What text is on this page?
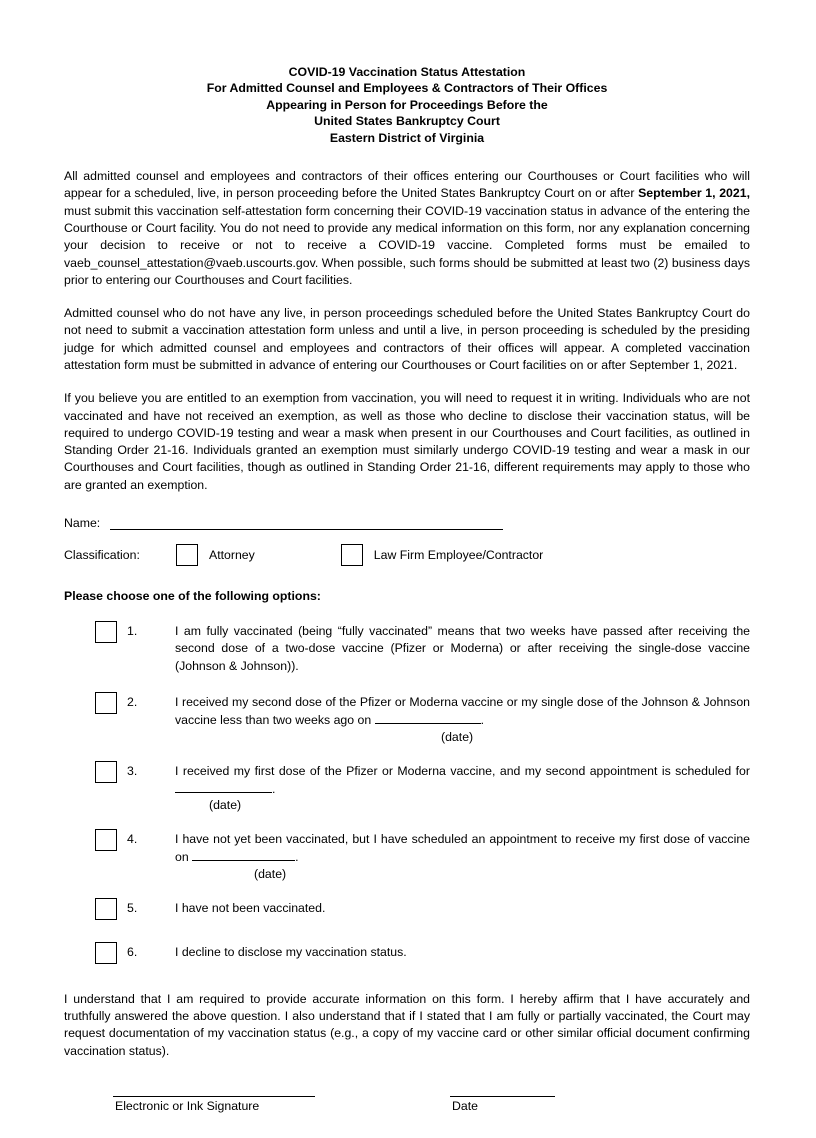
COVID-19 Vaccination Status Attestation
For Admitted Counsel and Employees & Contractors of Their Offices
Appearing in Person for Proceedings Before the
United States Bankruptcy Court
Eastern District of Virginia

All admitted counsel and employees and contractors of their offices entering our Courthouses or Court facilities who will appear for a scheduled, live, in person proceeding before the United States Bankruptcy Court on or after September 1, 2021, must submit this vaccination self-attestation form concerning their COVID-19 vaccination status in advance of the entering the Courthouse or Court facility. You do not need to provide any medical information on this form, nor any explanation concerning your decision to receive or not to receive a COVID-19 vaccine. Completed forms must be emailed to vaeb_counsel_attestation@vaeb.uscourts.gov. When possible, such forms should be submitted at least two (2) business days prior to entering our Courthouses and Court facilities.

Admitted counsel who do not have any live, in person proceedings scheduled before the United States Bankruptcy Court do not need to submit a vaccination attestation form unless and until a live, in person proceeding is scheduled by the presiding judge for which admitted counsel and employees and contractors of their offices will appear. A completed vaccination attestation form must be submitted in advance of entering our Courthouses or Court facilities on or after September 1, 2021.

If you believe you are entitled to an exemption from vaccination, you will need to request it in writing. Individuals who are not vaccinated and have not received an exemption, as well as those who decline to disclose their vaccination status, will be required to undergo COVID-19 testing and wear a mask when present in our Courthouses and Court facilities, as outlined in Standing Order 21-16. Individuals granted an exemption must similarly undergo COVID-19 testing and wear a mask in our Courthouses and Court facilities, though as outlined in Standing Order 21-16, different requirements may apply to those who are granted an exemption.

Name:
Classification:	Attorney	Law Firm Employee/Contractor
Please choose one of the following options:
1.	I am fully vaccinated (being “fully vaccinated” means that two weeks have passed after receiving the second dose of a two-dose vaccine (Pfizer or Moderna) or after receiving the single-dose vaccine (Johnson & Johnson)).
2.	I received my second dose of the Pfizer or Moderna vaccine or my single dose of the Johnson & Johnson vaccine less than two weeks ago on	.
(date)
3.	I received my first dose of the Pfizer or Moderna vaccine, and my second appointment is scheduled for .
(date)
4.	I have not yet been vaccinated, but I have scheduled an appointment to receive my first dose of vaccine on	.
(date)
5.	I have not been vaccinated.
6.	I decline to disclose my vaccination status.

I understand that I am required to provide accurate information on this form. I hereby affirm that I have accurately and truthfully answered the above question. I also understand that if I stated that I am fully or partially vaccinated, the Court may request documentation of my vaccination status (e.g., a copy of my vaccine card or other similar official document confirming vaccination status).

Electronic or Ink Signature	Date
